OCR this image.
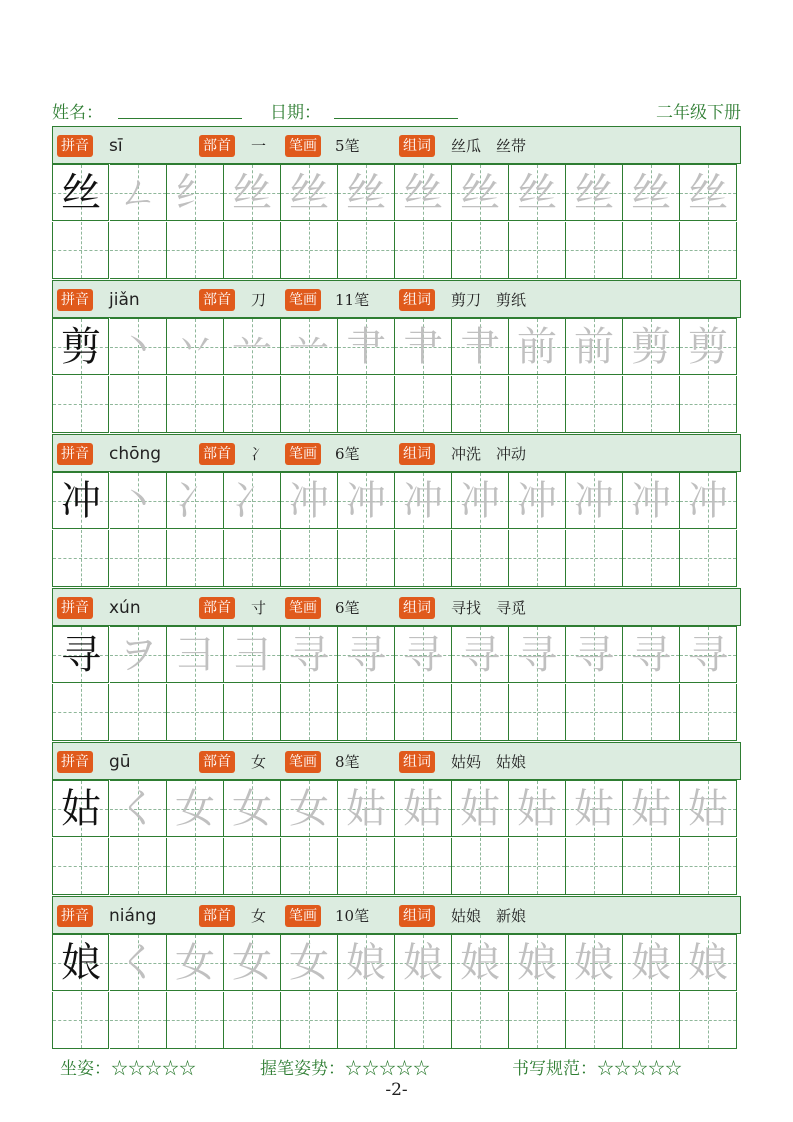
姓名：	日期：	二年级下册
拼音 sī	部首 一 笔画 5笔	组词 丝瓜　丝带
丝 ㄥ 纟 丝 丝 丝 丝 丝 丝 丝 丝 丝
拼音 jiǎn	部首 刀 笔画 11笔 组词 剪刀　剪纸
剪 丶 丷 䒑 䒑 肀 肀 肀 前 前 剪 剪
拼音 chōng	部首 冫 笔画 6笔	组词 冲洗　冲动
冲 丶 冫 冫 冲 冲 冲 冲 冲 冲 冲 冲
拼音 xún	部首 寸 笔画 6笔	组词 寻找　寻觅
寻 ヲ 彐 彐 寻 寻 寻 寻 寻 寻 寻 寻
拼音 gū	部首 女 笔画 8笔	组词 姑妈　姑娘
姑 く 女 女 女 姑 姑 姑 姑 姑 姑 姑
拼音 niáng	部首 女 笔画 10笔 组词 姑娘　新娘
娘 く 女 女 女 娘 娘 娘 娘 娘 娘 娘
坐姿：☆☆☆☆☆	握笔姿势：☆☆☆☆☆	书写规范：☆☆☆☆☆
-2-
